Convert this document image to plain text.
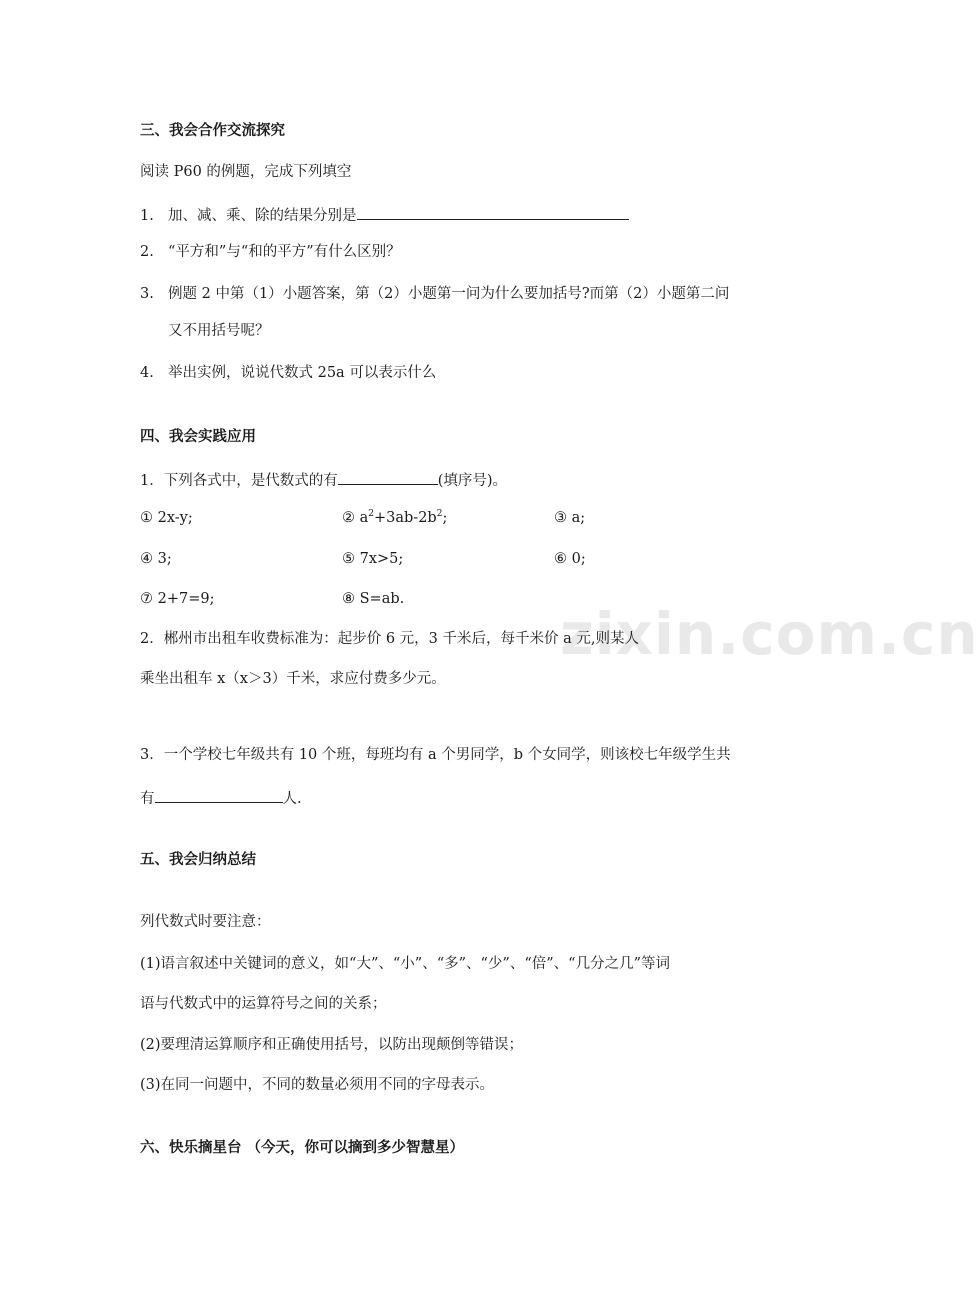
zixin.com.cn
三、我会合作交流探究
阅读 P60 的例题，完成下列填空
1. 加、减、乘、除的结果分别是
2. “平方和”与“和的平方”有什么区别？
3. 例题 2 中第（1）小题答案，第（2）小题第一问为什么要加括号?而第（2）小题第二问
又不用括号呢？
4. 举出实例，说说代数式 25a 可以表示什么
四、我会实践应用
1．下列各式中，是代数式的有	(填序号)。
① 2x-y;	② $a^2+3ab-2b^2$;	③ a;
④ 3;	⑤ 7x>5;	⑥ 0;
⑦ 2+7=9;	⑧ S=ab.
2．郴州市出租车收费标准为：起步价 6 元，3 千米后，每千米价 a 元,则某人
乘坐出租车 x（x＞3）千米，求应付费多少元。
3．一个学校七年级共有 10 个班，每班均有 a 个男同学，b 个女同学，则该校七年级学生共
有	人.
五、我会归纳总结
列代数式时要注意：
(1)语言叙述中关键词的意义，如“大”、“小”、“多”、“少”、“倍”、“几分之几”等词
语与代数式中的运算符号之间的关系；
(2)要理清运算顺序和正确使用括号，以防出现颠倒等错误；
(3)在同一问题中，不同的数量必须用不同的字母表示。
六、快乐摘星台 （今天，你可以摘到多少智慧星）
